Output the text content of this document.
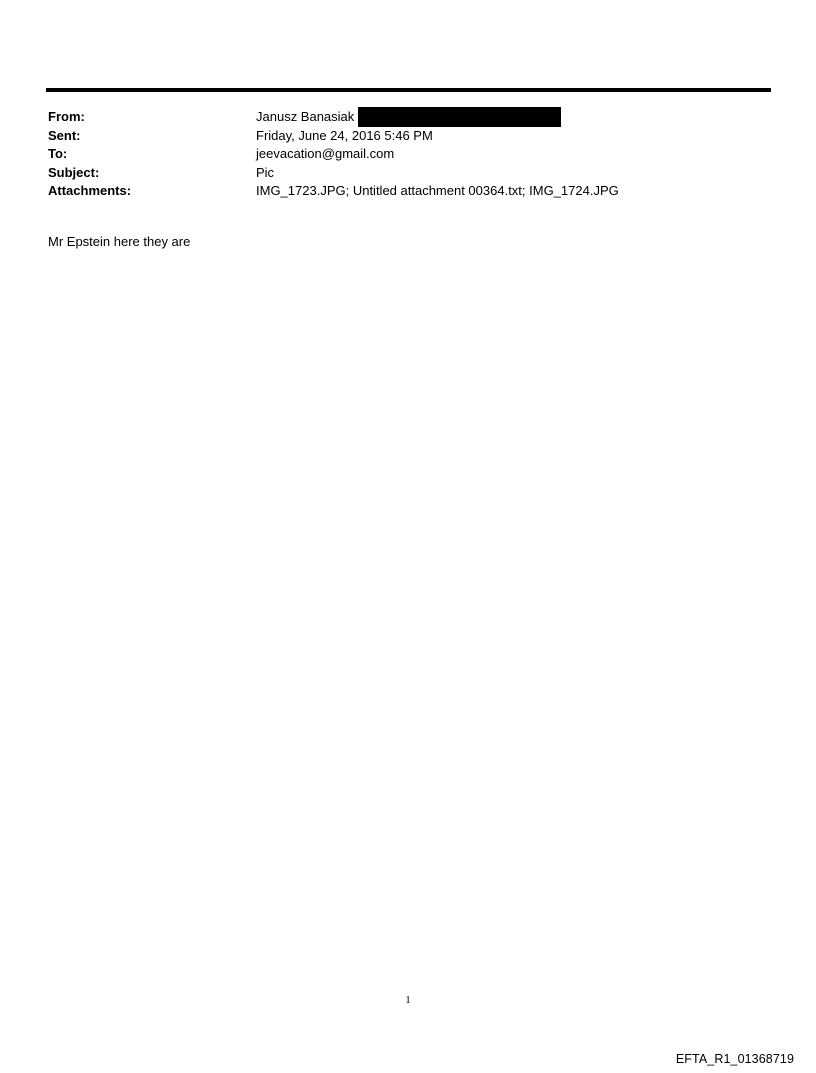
From:	Janusz Banasiak
Sent:	Friday, June 24, 2016 5:46 PM
To:	jeevacation@gmail.com
Subject:	Pic
Attachments:	IMG_1723.JPG; Untitled attachment 00364.txt; IMG_1724.JPG
Mr Epstein here they are
1
EFTA_R1_01368719
